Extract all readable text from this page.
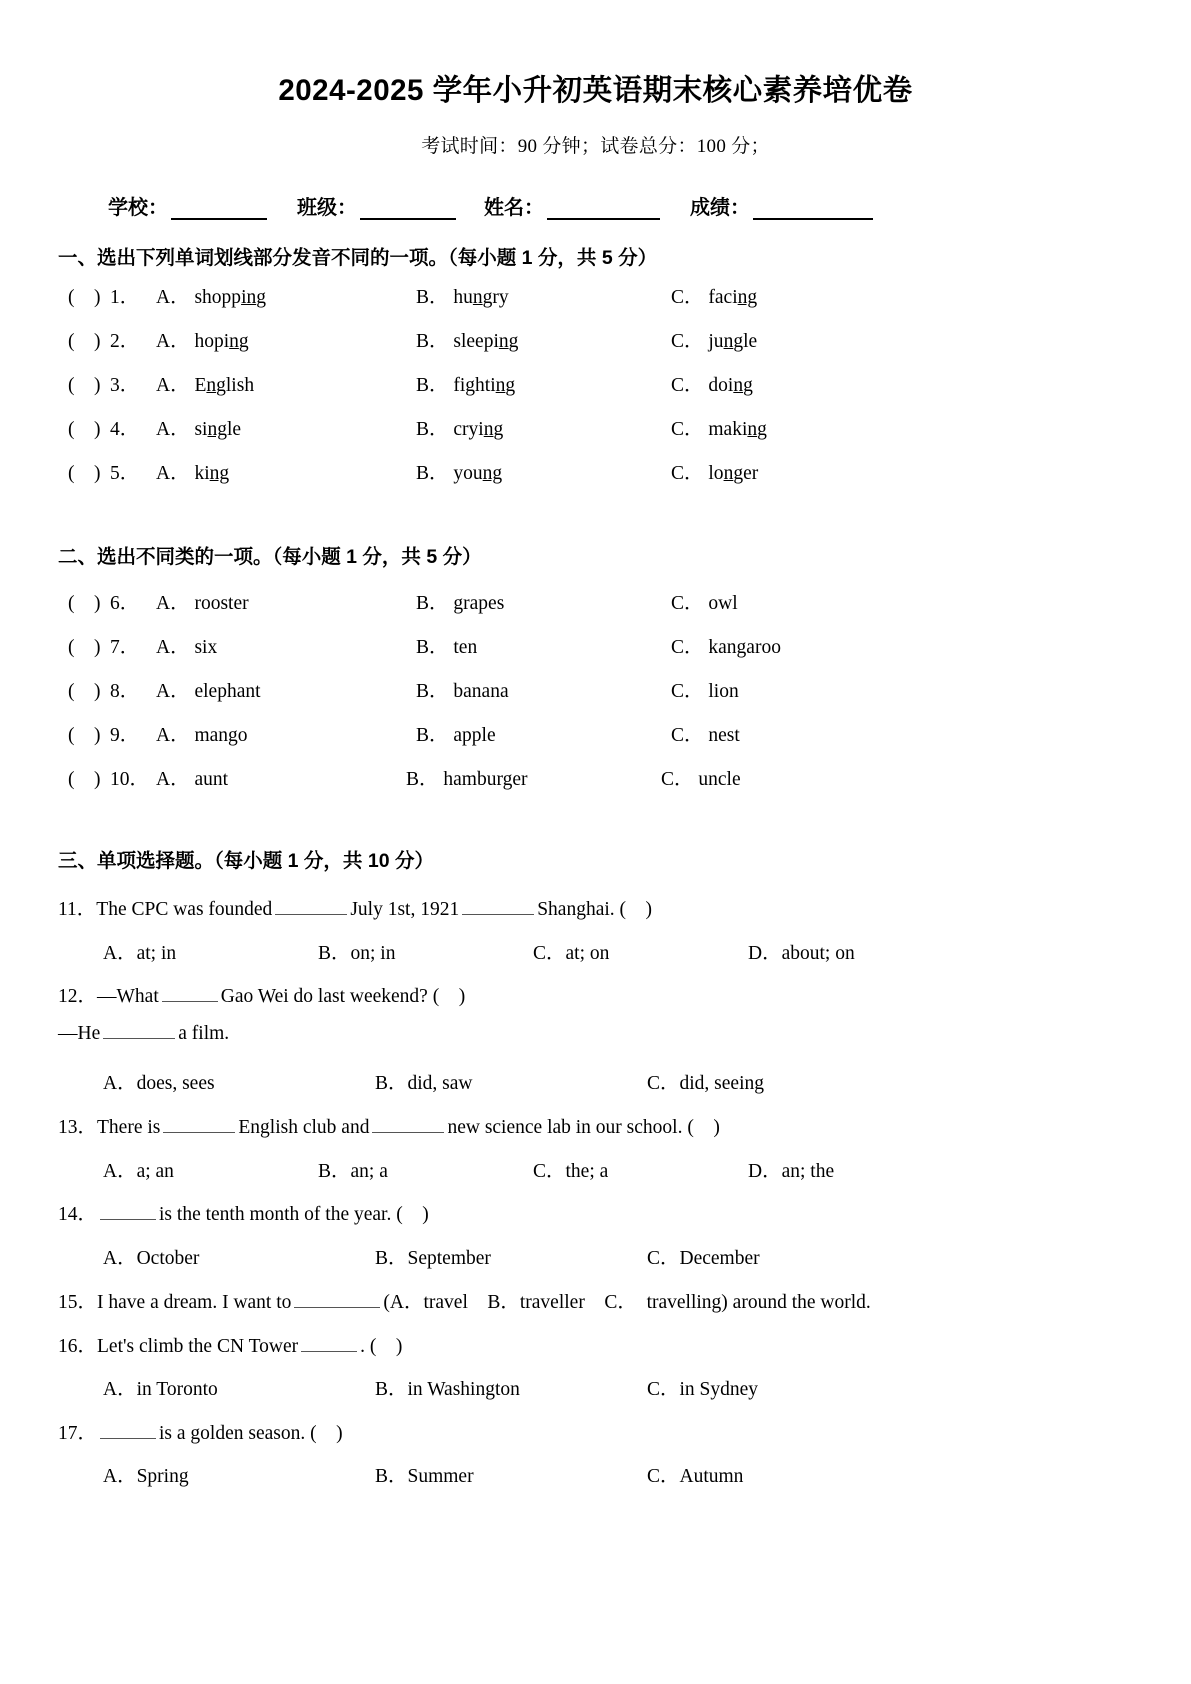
2024-2025 学年小升初英语期末核心素养培优卷

考试时间：90 分钟；试卷总分：100 分；

学校：	班级：	姓名：	成绩：
一、选出下列单词划线部分发音不同的一项。（每小题 1 分，共 5 分）
(　) 1． A． shopping	B． hungry	C． facing
(　) 2． A． hoping	B． sleeping	C． jungle
(　) 3． A． English	B． fighting	C． doing
(　) 4． A． single	B． crying	C． making
(　) 5． A． king	B． young	C． longer
二、选出不同类的一项。（每小题 1 分，共 5 分）
(　) 6． A． rooster	B． grapes	C． owl
(　) 7． A． six	B． ten	C． kangaroo
(　) 8． A． elephant	B． banana	C． lion
(　) 9． A． mango	B． apple	C． nest
(　) 10． A． aunt	B． hamburger	C． uncle
三、单项选择题。（每小题 1 分，共 10 分）
11．The CPC was founded	July 1st, 1921	Shanghai. (　)
A．at; in	B．on; in	C．at; on	D．about; on
12．—What	Gao Wei do last weekend? (　)
—He	a film.
A．does, sees	B．did, saw	C．did, seeing
13．There is	English club and	new science lab in our school. (　)
A．a; an	B．an; a	C．the; a	D．an; the
14．	is the tenth month of the year. (　)
A．October	B．September	C．December
15．I have a dream. I want to	(A．travel　B．traveller　C．　travelling) around the world.
16．Let's climb the CN Tower	. (　)
A．in Toronto	B．in Washington	C．in Sydney
17．	is a golden season. (　)
A．Spring	B．Summer	C．Autumn
